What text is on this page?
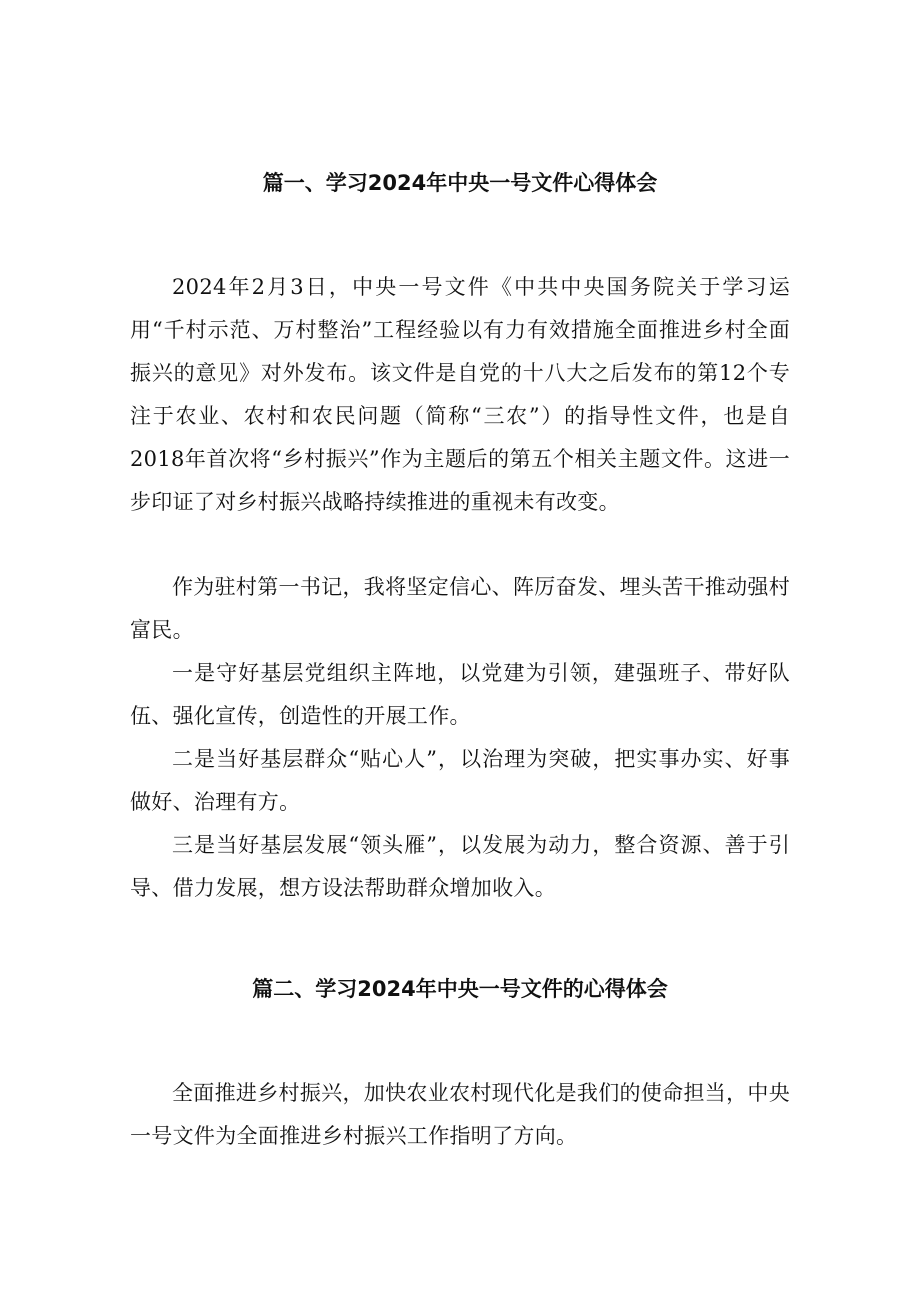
篇一、学习2024年中央一号文件心得体会

2024年2月3日，中央一号文件《中共中央国务院关于学习运用“千村示范、万村整治”工程经验以有力有效措施全面推进乡村全面振兴的意见》对外发布。该文件是自党的十八大之后发布的第12个专注于农业、农村和农民问题（简称“三农”）的指导性文件，也是自2018年首次将“乡村振兴”作为主题后的第五个相关主题文件。这进一步印证了对乡村振兴战略持续推进的重视未有改变。

作为驻村第一书记，我将坚定信心、阵厉奋发、埋头苦干推动强村富民。

一是守好基层党组织主阵地，以党建为引领，建强班子、带好队伍、强化宣传，创造性的开展工作。

二是当好基层群众“贴心人”，以治理为突破，把实事办实、好事做好、治理有方。

三是当好基层发展“领头雁”，以发展为动力，整合资源、善于引导、借力发展，想方设法帮助群众增加收入。

篇二、学习2024年中央一号文件的心得体会

全面推进乡村振兴，加快农业农村现代化是我们的使命担当，中央一号文件为全面推进乡村振兴工作指明了方向。
